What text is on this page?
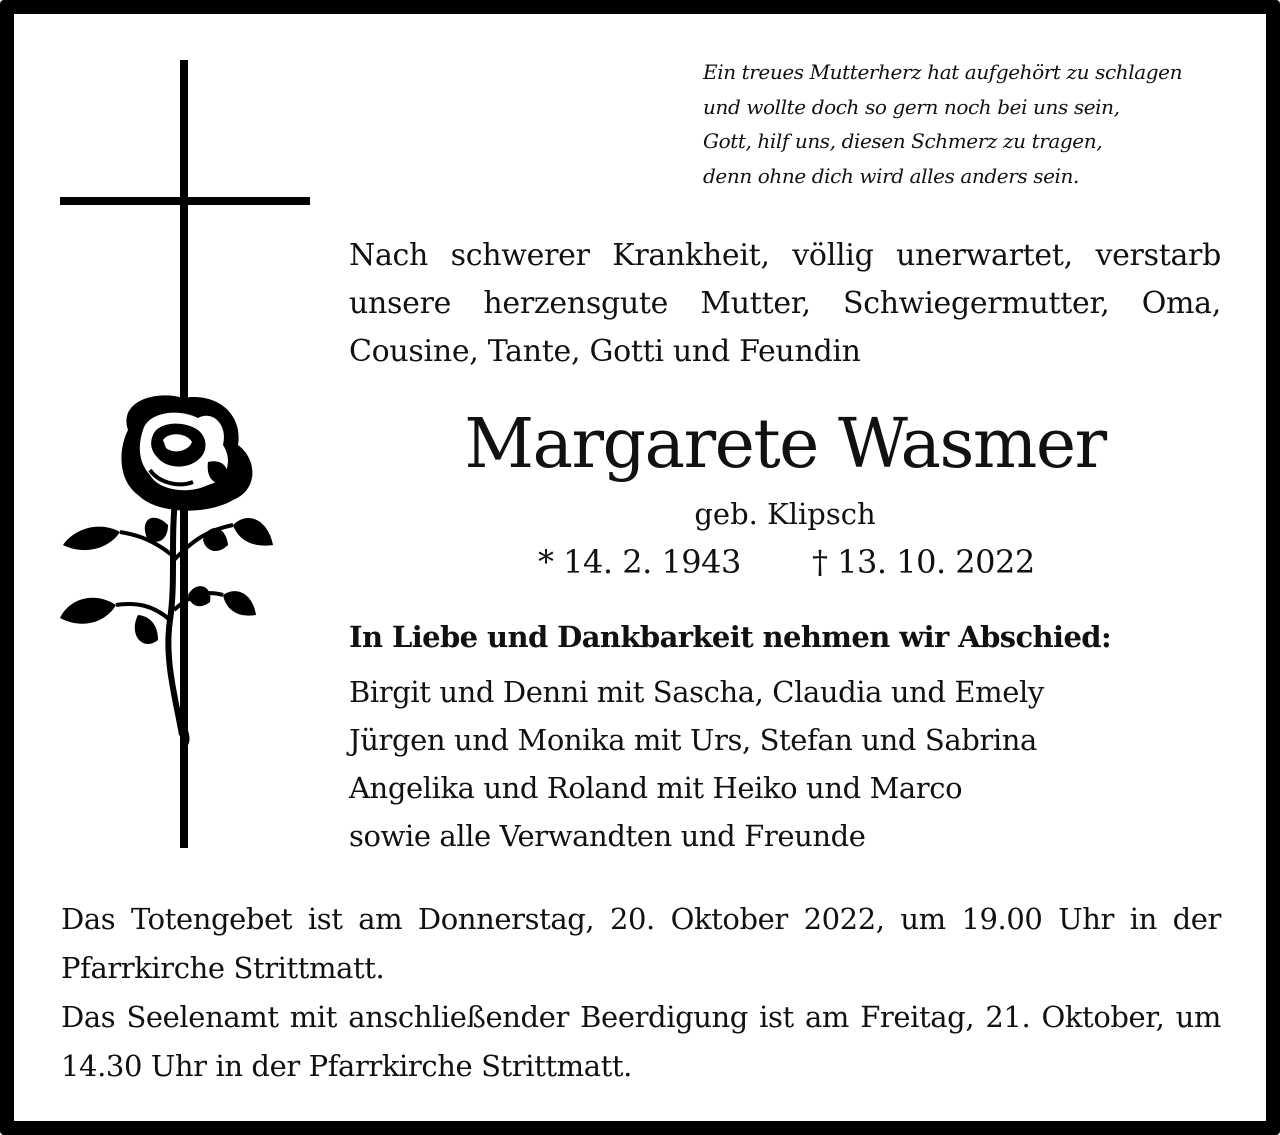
Ein treues Mutterherz hat aufgehört zu schlagen
und wollte doch so gern noch bei uns sein,
Gott, hilf uns, diesen Schmerz zu tragen,
denn ohne dich wird alles anders sein.
Nach schwerer Krankheit, völlig unerwartet, verstarb
unsere herzensgute Mutter, Schwiegermutter, Oma,
Cousine, Tante, Gotti und Feundin
Margarete Wasmer
geb. Klipsch
* 14. 2. 1943 † 13. 10. 2022
In Liebe und Dankbarkeit nehmen wir Abschied:
Birgit und Denni mit Sascha, Claudia und Emely
Jürgen und Monika mit Urs, Stefan und Sabrina
Angelika und Roland mit Heiko und Marco
sowie alle Verwandten und Freunde
Das Totengebet ist am Donnerstag, 20. Oktober 2022, um 19.00 Uhr in der
Pfarrkirche Strittmatt.
Das Seelenamt mit anschließender Beerdigung ist am Freitag, 21. Oktober, um
14.30 Uhr in der Pfarrkirche Strittmatt.
